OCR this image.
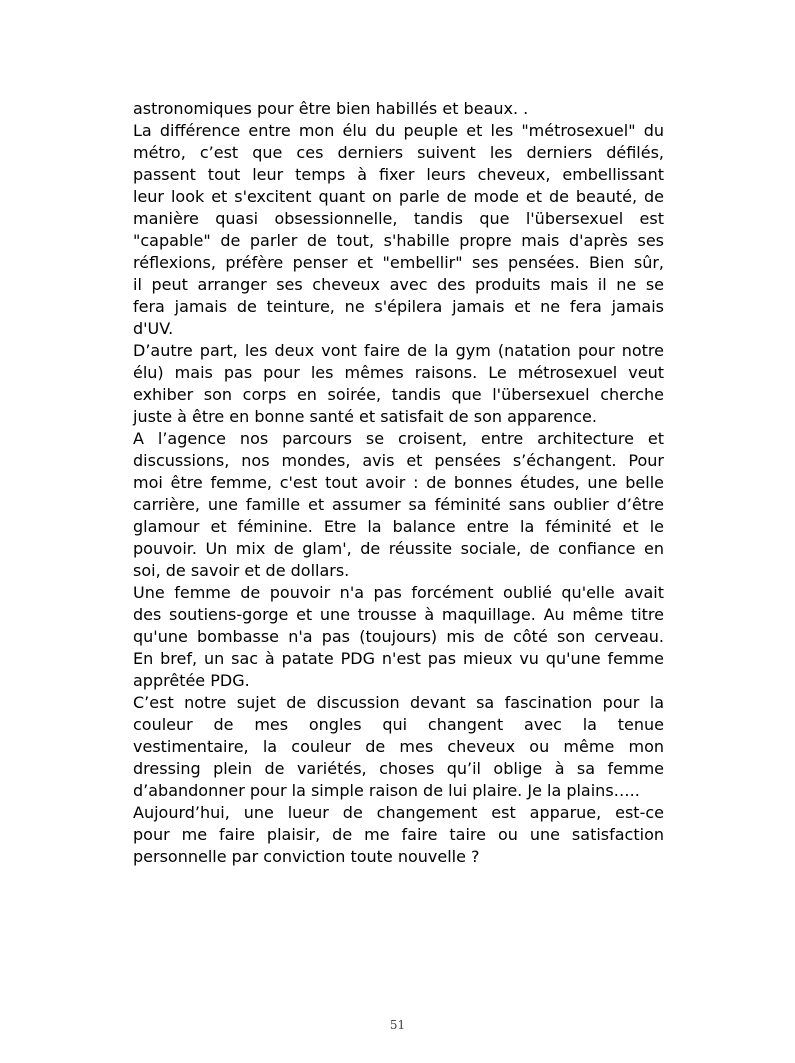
astronomiques pour être bien habillés et beaux. .
La différence entre mon élu du peuple et les "métrosexuel" du
métro, c’est que ces derniers suivent les derniers défilés,
passent tout leur temps à fixer leurs cheveux, embellissant
leur look et s'excitent quant on parle de mode et de beauté, de
manière quasi obsessionnelle, tandis que l'übersexuel est
"capable" de parler de tout, s'habille propre mais d'après ses
réflexions, préfère penser et "embellir" ses pensées. Bien sûr,
il peut arranger ses cheveux avec des produits mais il ne se
fera jamais de teinture, ne s'épilera jamais et ne fera jamais
d'UV.
D’autre part, les deux vont faire de la gym (natation pour notre
élu) mais pas pour les mêmes raisons. Le métrosexuel veut
exhiber son corps en soirée, tandis que l'übersexuel cherche
juste à être en bonne santé et satisfait de son apparence.
A l’agence nos parcours se croisent, entre architecture et
discussions, nos mondes, avis et pensées s’échangent. Pour
moi être femme, c'est tout avoir : de bonnes études, une belle
carrière, une famille et assumer sa féminité sans oublier d’être
glamour et féminine. Etre la balance entre la féminité et le
pouvoir. Un mix de glam', de réussite sociale, de confiance en
soi, de savoir et de dollars.
Une femme de pouvoir n'a pas forcément oublié qu'elle avait
des soutiens-gorge et une trousse à maquillage. Au même titre
qu'une bombasse n'a pas (toujours) mis de côté son cerveau.
En bref, un sac à patate PDG n'est pas mieux vu qu'une femme
apprêtée PDG.
C’est notre sujet de discussion devant sa fascination pour la
couleur de mes ongles qui changent avec la tenue
vestimentaire, la couleur de mes cheveux ou même mon
dressing plein de variétés, choses qu’il oblige à sa femme
d’abandonner pour la simple raison de lui plaire. Je la plains…..
Aujourd’hui, une lueur de changement est apparue, est-ce
pour me faire plaisir, de me faire taire ou une satisfaction
personnelle par conviction toute nouvelle ?
51
